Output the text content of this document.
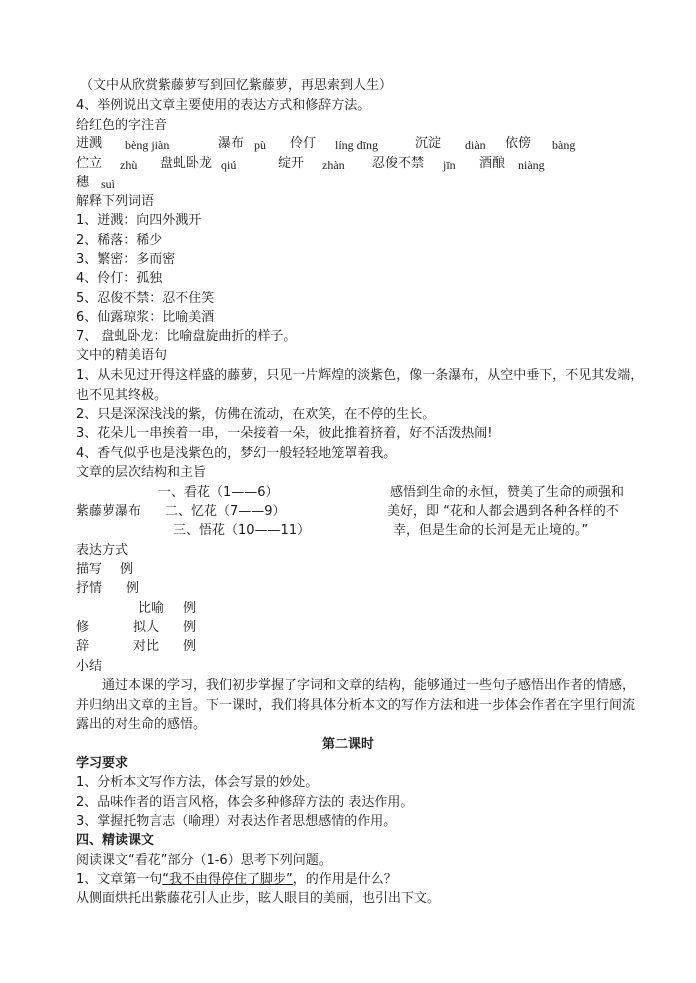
（文中从欣赏紫藤萝写到回忆紫藤萝，再思索到人生）
4、举例说出文章主要使用的表达方式和修辞方法。
给红色的字注音
迸溅 bèng jiàn	瀑布 pù 伶仃 líng dīng	沉淀 diàn 依傍 bàng
伫立 zhù 盘虬卧龙 qiú	绽开 zhàn 忍俊不禁 jīn 酒酿 niàng
穗 suì
解释下列词语
1、迸溅：向四外溅开
2、稀落：稀少
3、繁密：多而密
4、伶仃：孤独
5、忍俊不禁：忍不住笑
6、仙露琼浆：比喻美酒
7、 盘虬卧龙：比喻盘旋曲折的样子。
文中的精美语句
1、从未见过开得这样盛的藤萝，只见一片辉煌的淡紫色，像一条瀑布，从空中垂下，不见其发端，
也不见其终极。
2、只是深深浅浅的紫，仿佛在流动，在欢笑，在不停的生长。
3、花朵儿一串挨着一串，一朵接着一朵，彼此推着挤着，好不活泼热闹!
4、香气似乎也是浅紫色的，梦幻一般轻轻地笼罩着我。
文章的层次结构和主旨
一、看花（1——6）	感悟到生命的永恒，赞美了生命的顽强和
紫藤萝瀑布 二、忆花（7——9）	美好，即 “花和人都会遇到各种各样的不
三、悟花（10——11）	幸，但是生命的长河是无止境的。”
表达方式
描写 例
抒情 例
比喻 例
修	拟人 例
辞	对比 例
小结
通过本课的学习，我们初步掌握了字词和文章的结构，能够通过一些句子感悟出作者的情感，
并归纳出文章的主旨。下一课时，我们将具体分析本文的写作方法和进一步体会作者在字里行间流
露出的对生命的感悟。
第二课时
学习要求
1、分析本文写作方法，体会写景的妙处。
2、品味作者的语言风格，体会多种修辞方法的 表达作用。
3、掌握托物言志（喻理）对表达作者思想感情的作用。
四、精读课文
阅读课文“看花”部分（1-6）思考下列问题。
1、文章第一句“我不由得停住了脚步”，的作用是什么？
从侧面烘托出紫藤花引人止步，眩人眼目的美丽，也引出下文。
